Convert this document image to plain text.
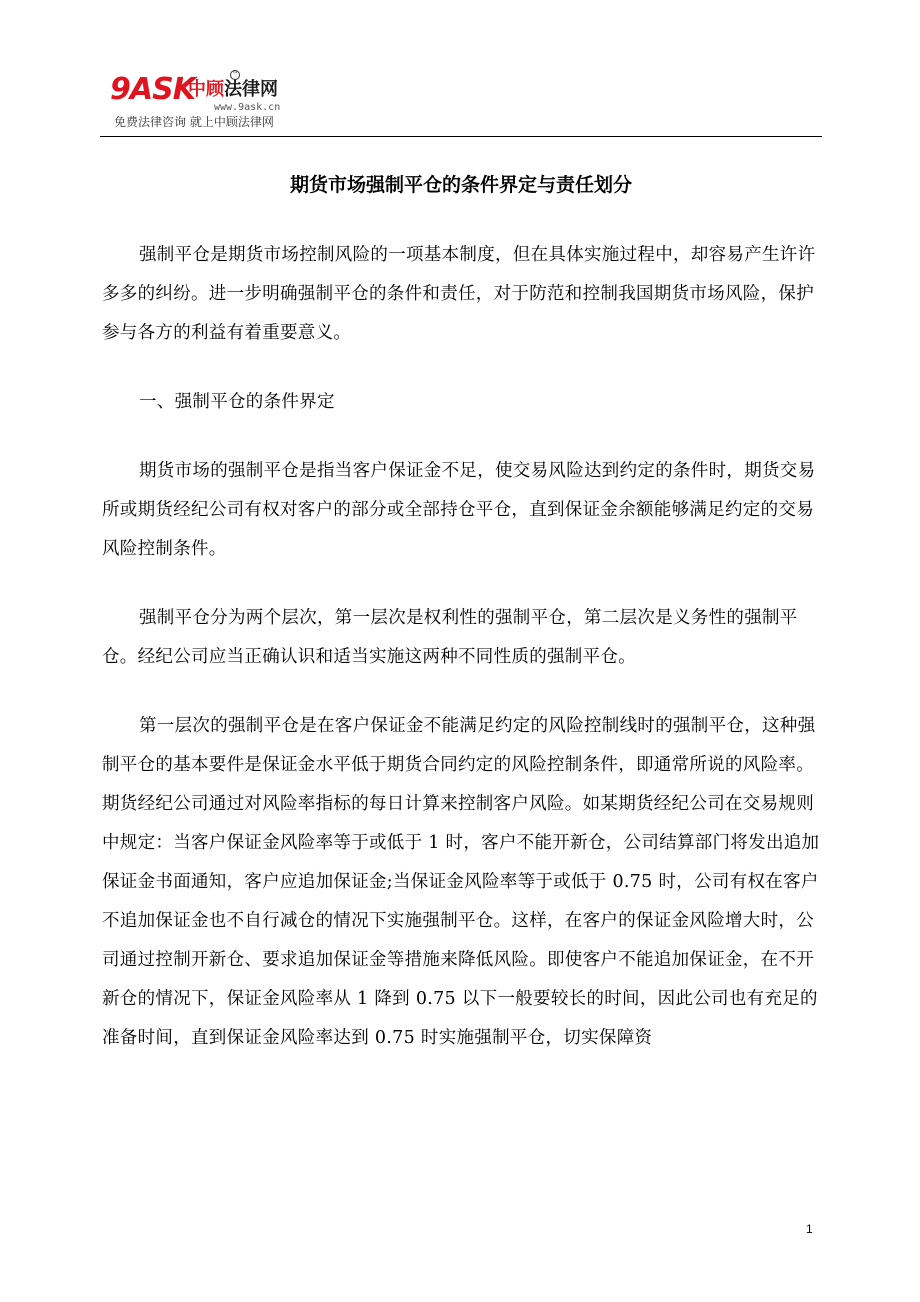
9ASK
中顾法律网
™
www.9ask.cn
免费法律咨询 就上中顾法律网
期货市场强制平仓的条件界定与责任划分

强制平仓是期货市场控制风险的一项基本制度，但在具体实施过程中，却容易产生许许多多的纠纷。进一步明确强制平仓的条件和责任，对于防范和控制我国期货市场风险，保护参与各方的利益有着重要意义。

一、强制平仓的条件界定

期货市场的强制平仓是指当客户保证金不足，使交易风险达到约定的条件时，期货交易所或期货经纪公司有权对客户的部分或全部持仓平仓，直到保证金余额能够满足约定的交易风险控制条件。

强制平仓分为两个层次，第一层次是权利性的强制平仓，第二层次是义务性的强制平仓。经纪公司应当正确认识和适当实施这两种不同性质的强制平仓。

第一层次的强制平仓是在客户保证金不能满足约定的风险控制线时的强制平仓，这种强制平仓的基本要件是保证金水平低于期货合同约定的风险控制条件，即通常所说的风险率。期货经纪公司通过对风险率指标的每日计算来控制客户风险。如某期货经纪公司在交易规则中规定：当客户保证金风险率等于或低于 1 时，客户不能开新仓，公司结算部门将发出追加保证金书面通知，客户应追加保证金;当保证金风险率等于或低于 0.75 时，公司有权在客户不追加保证金也不自行减仓的情况下实施强制平仓。这样，在客户的保证金风险增大时，公司通过控制开新仓、要求追加保证金等措施来降低风险。即使客户不能追加保证金，在不开新仓的情况下，保证金风险率从 1 降到 0.75 以下一般要较长的时间，因此公司也有充足的准备时间，直到保证金风险率达到 0.75 时实施强制平仓，切实保障资

1
